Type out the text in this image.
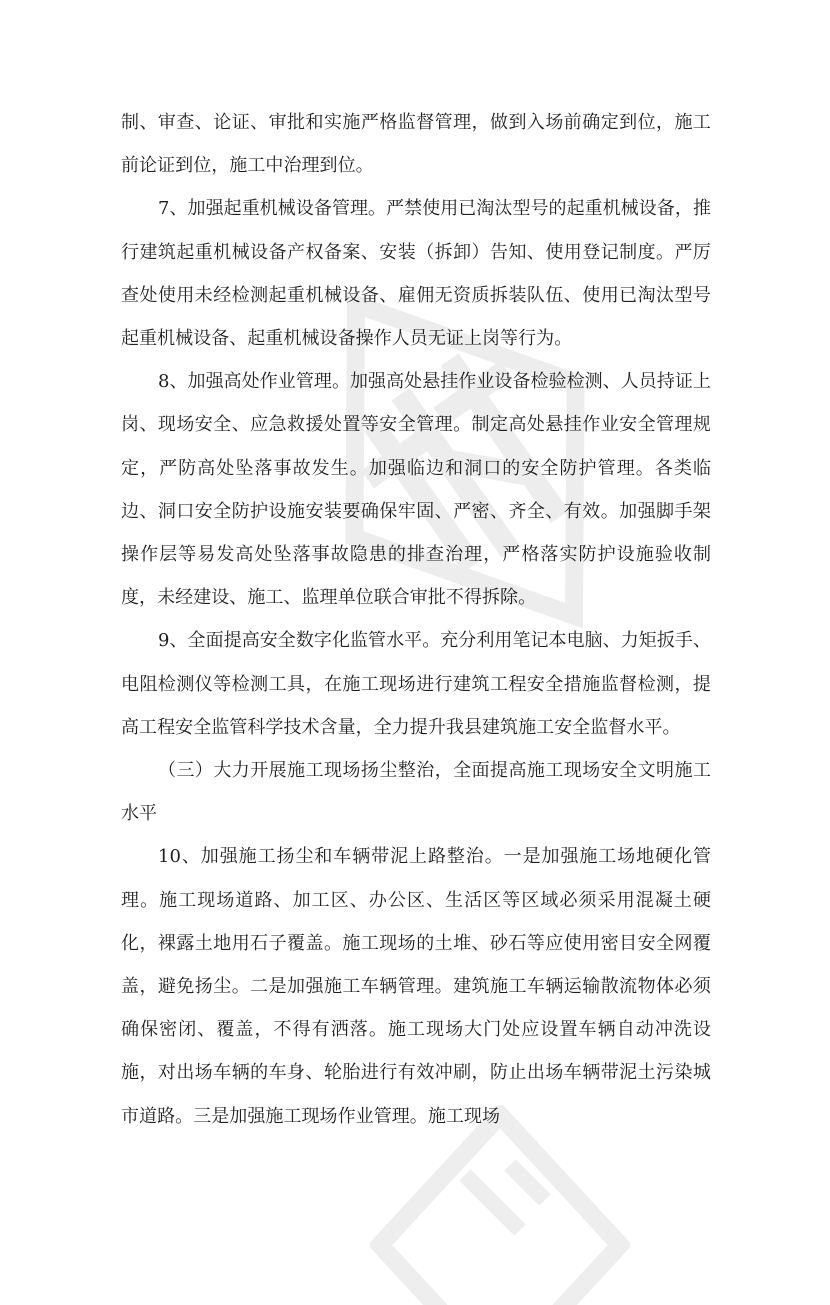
制、审查、论证、审批和实施严格监督管理，做到入场前确定到位，施工前论证到位，施工中治理到位。

7、加强起重机械设备管理。严禁使用已淘汰型号的起重机械设备，推行建筑起重机械设备产权备案、安装（拆卸）告知、使用登记制度。严厉查处使用未经检测起重机械设备、雇佣无资质拆装队伍、使用已淘汰型号起重机械设备、起重机械设备操作人员无证上岗等行为。

8、加强高处作业管理。加强高处悬挂作业设备检验检测、人员持证上岗、现场安全、应急救援处置等安全管理。制定高处悬挂作业安全管理规定，严防高处坠落事故发生。加强临边和洞口的安全防护管理。各类临边、洞口安全防护设施安装要确保牢固、严密、齐全、有效。加强脚手架操作层等易发高处坠落事故隐患的排查治理，严格落实防护设施验收制度，未经建设、施工、监理单位联合审批不得拆除。

9、全面提高安全数字化监管水平。充分利用笔记本电脑、力矩扳手、电阻检测仪等检测工具，在施工现场进行建筑工程安全措施监督检测，提高工程安全监管科学技术含量，全力提升我县建筑施工安全监督水平。

（三）大力开展施工现场扬尘整治，全面提高施工现场安全文明施工水平

10、加强施工扬尘和车辆带泥上路整治。一是加强施工场地硬化管理。施工现场道路、加工区、办公区、生活区等区域必须采用混凝土硬化，裸露土地用石子覆盖。施工现场的土堆、砂石等应使用密目安全网覆盖，避免扬尘。二是加强施工车辆管理。建筑施工车辆运输散流物体必须确保密闭、覆盖，不得有洒落。施工现场大门处应设置车辆自动冲洗设施，对出场车辆的车身、轮胎进行有效冲刷，防止出场车辆带泥土污染城市道路。三是加强施工现场作业管理。施工现场
